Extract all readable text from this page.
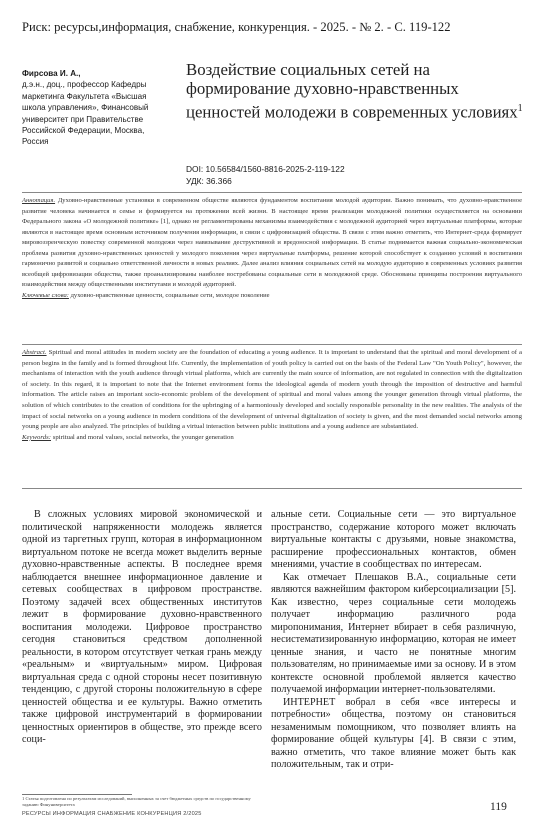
Риск: ресурсы,информация, снабжение, конкуренция. - 2025. - № 2. - С. 119-122
Фирсова И. А.,
д.э.н., доц., профессор Кафедры маркетинга Факультета «Высшая школа управления», Финансовый университет при Правительстве Российской Федерации, Москва, Россия
Воздействие социальных сетей на формирование духовно-нравственных ценностей молодежи в современных условиях$^1$
DOI: 10.56584/1560-8816-2025-2-119-122
УДК: 36.366
Аннотация. Духовно-нравственные установки в современном обществе являются фундаментом воспитания молодой аудитории. Важно понимать, что духовно-нравственное развитие человека начинается в семье и формируется на протяжении всей жизни. В настоящее время реализация молодежной политики осуществляется на основании Федерального закона «О молодежной политике» [1], однако не регламентированы механизмы взаимодействия с молодежной аудиторией через виртуальные платформы, которые являются в настоящее время основным источником получения информации, в связи с цифровизацией общества. В связи с этим важно отметить, что Интернет-среда формирует мировоззренческую повестку современной молодежи через навязывание деструктивной и вредоносной информации. В статье поднимается важная социально-экономическая проблема развития духовно-нравственных ценностей у молодого поколения через виртуальные платформы, решение которой способствует к созданию условий в воспитании гармонично развитой и социально ответственной личности в новых реалиях. Далее анализ влияния социальных сетей на молодую аудиторию в современных условиях развития всеобщей цифровизации общества, также проанализированы наиболее востребованы социальные сети в молодежной среде. Обоснованы принципы построения виртуального взаимодействия между общественными институтами и молодой аудиторией.
Ключевые слова: духовно-нравственные ценности, социальные сети, молодое поколение
Abstract. Spiritual and moral attitudes in modern society are the foundation of educating a young audience. It is important to understand that the spiritual and moral development of a person begins in the family and is formed throughout life. Currently, the implementation of youth policy is carried out on the basis of the Federal Law "On Youth Policy", however, the mechanisms of interaction with the youth audience through virtual platforms, which are currently the main source of information, are not regulated in connection with the digitalization of society. In this regard, it is important to note that the Internet environment forms the ideological agenda of modern youth through the imposition of destructive and harmful information. The article raises an important socio-economic problem of the development of spiritual and moral values among the younger generation through virtual platforms, the solution of which contributes to the creation of conditions for the upbringing of a harmoniously developed and socially responsible personality in the new realities. The analysis of the impact of social networks on a young audience in modern conditions of the development of universal digitalization of society is given, and the most demanded social networks among young people are also analyzed. The principles of building a virtual interaction between public institutions and a young audience are substantiated.
Keywords: spiritual and moral values, social networks, the younger generation

В сложных условиях мировой экономической и политической напряженности молодежь является одной из таргетных групп, которая в информационном виртуальном потоке не всегда может выделить верные духовно-нравственные аспекты. В последнее время наблюдается внешнее информационное давление и сетевых сообществах в цифровом пространстве. Поэтому задачей всех общественных институтов лежит в формирование духовно-нравственного воспитания молодежи. Цифровое пространство сегодня становиться средством дополненной реальности, в котором отсутствует четкая грань между «реальным» и «виртуальным» миром. Цифровая виртуальная среда с одной стороны несет позитивную тенденцию, с другой стороны положительную в сфере ценностей общества и ее культуры. Важно отметить также цифровой инструментарий в формировании ценностных ориентиров в обществе, это прежде всего соци-

альные сети. Социальные сети — это виртуальное пространство, содержание которого может включать виртуальные контакты с друзьями, новые знакомства, расширение профессиональных контактов, обмен мнениями, участие в сообществах по интересам.

Как отмечает Плешаков В.А., социальные сети являются важнейшим фактором киберсоциализации [5]. Как известно, через социальные сети молодежь получает информацию различного рода миропонимания, Интернет вбирает в себя различную, несистематизированную информацию, которая не имеет ценные знания, и часто не понятные многим пользователям, но принимаемые ими за основу. И в этом контексте основной проблемой является качество получаемой информации интернет-пользователями.

ИНТЕРНЕТ вобрал в себя «все интересы и потребности» общества, поэтому он становиться незаменимым помощником, что позволяет влиять на формирование общей культуры [4]. В связи с этим, важно отметить, что такое влияние может быть как положительным, так и отри-

1 Статья подготовлена по результатам исследований, выполненных за счет бюджетных средств по государственному заданию Финуниверситета
РЕСУРСЫ ИНФОРМАЦИЯ СНАБЖЕНИЕ КОНКУРЕНЦИЯ 2/2025
119
